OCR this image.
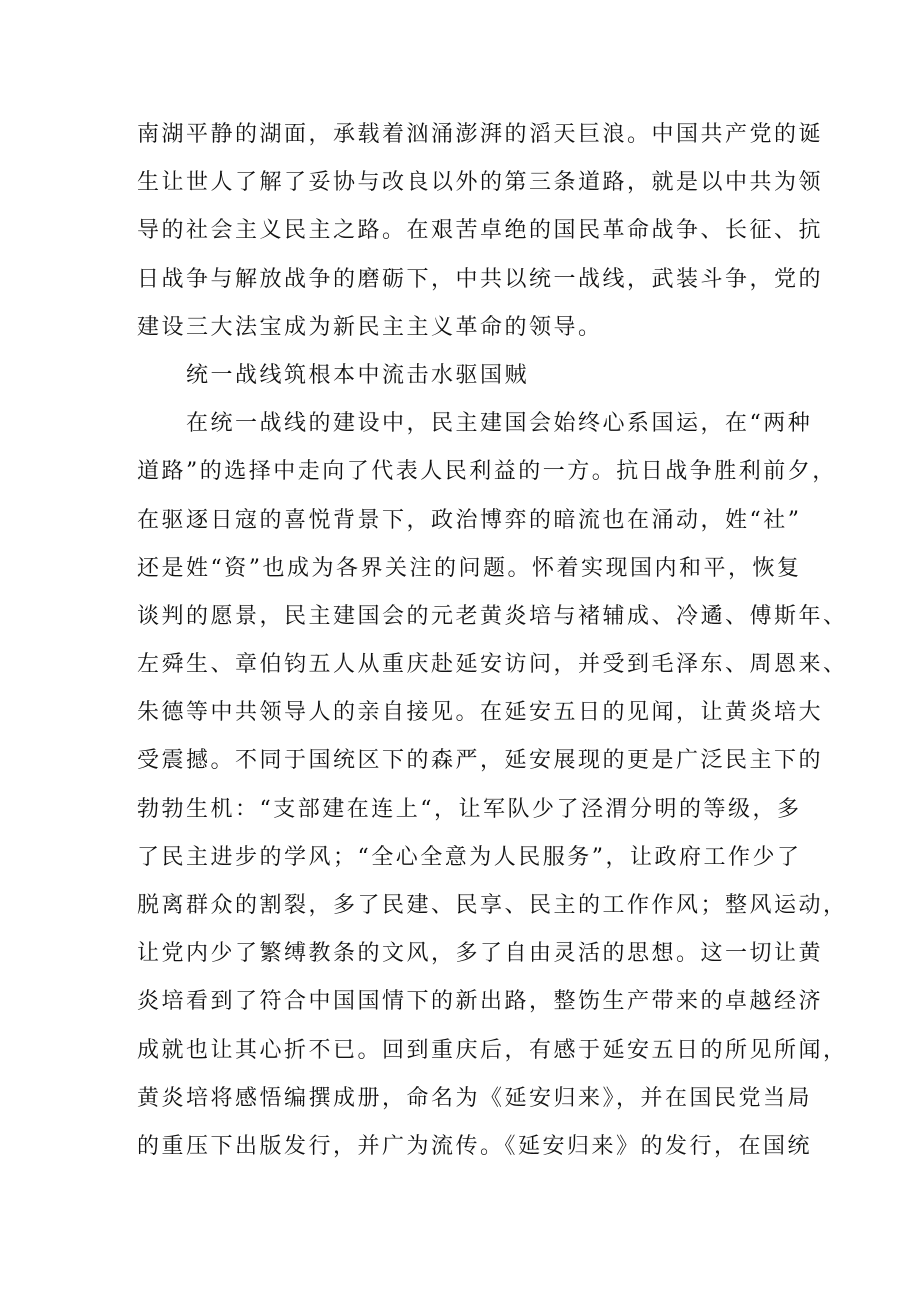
南湖平静的湖面，承载着汹涌澎湃的滔天巨浪。中国共产党的诞
生让世人了解了妥协与改良以外的第三条道路，就是以中共为领
导的社会主义民主之路。在艰苦卓绝的国民革命战争、长征、抗
日战争与解放战争的磨砺下，中共以统一战线，武装斗争，党的
建设三大法宝成为新民主主义革命的领导。
统一战线筑根本中流击水驱国贼
在统一战线的建设中，民主建国会始终心系国运，在“两种
道路”的选择中走向了代表人民利益的一方。抗日战争胜利前夕，
在驱逐日寇的喜悦背景下，政治博弈的暗流也在涌动，姓“社”
还是姓“资”也成为各界关注的问题。怀着实现国内和平，恢复
谈判的愿景，民主建国会的元老黄炎培与褚辅成、冷遹、傅斯年、
左舜生、章伯钧五人从重庆赴延安访问，并受到毛泽东、周恩来、
朱德等中共领导人的亲自接见。在延安五日的见闻，让黄炎培大
受震撼。不同于国统区下的森严，延安展现的更是广泛民主下的
勃勃生机：“支部建在连上“，让军队少了泾渭分明的等级，多
了民主进步的学风；“全心全意为人民服务”，让政府工作少了
脱离群众的割裂，多了民建、民享、民主的工作作风；整风运动，
让党内少了繁缚教条的文风，多了自由灵活的思想。这一切让黄
炎培看到了符合中国国情下的新出路，整饬生产带来的卓越经济
成就也让其心折不已。回到重庆后，有感于延安五日的所见所闻，
黄炎培将感悟编撰成册，命名为《延安归来》，并在国民党当局
的重压下出版发行，并广为流传。《延安归来》的发行，在国统
